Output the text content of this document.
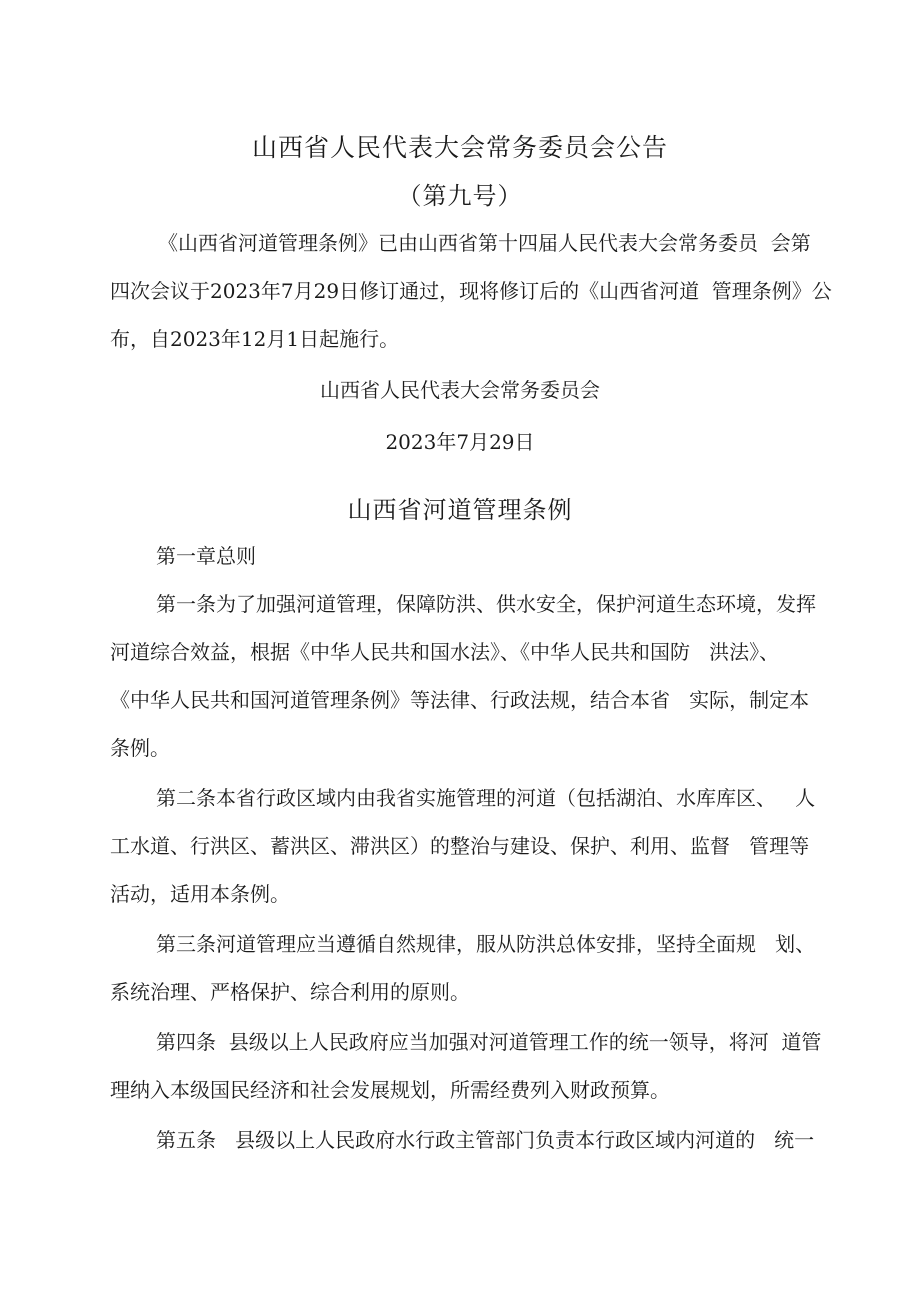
山西省人民代表大会常务委员会公告
（第九号）
《山西省河道管理条例》已由山西省第十四届人民代表大会常务委员  会第
四次会议于2023年7月29日修订通过，现将修订后的《山西省河道  管理条例》公
布，自2023年12月1日起施行。
山西省人民代表大会常务委员会
2023年7月29日
山西省河道管理条例
第一章总则
第一条为了加强河道管理，保障防洪、供水安全，保护河道生态环境，发挥
河道综合效益，根据《中华人民共和国水法》、《中华人民共和国防   洪法》、
《中华人民共和国河道管理条例》等法律、行政法规，结合本省   实际，制定本
条例。
第二条本省行政区域内由我省实施管理的河道（包括湖泊、水库库区、   人
工水道、行洪区、蓄洪区、滞洪区）的整治与建设、保护、利用、监督   管理等
活动，适用本条例。
第三条河道管理应当遵循自然规律，服从防洪总体安排，坚持全面规   划、
系统治理、严格保护、综合利用的原则。
第四条  县级以上人民政府应当加强对河道管理工作的统一领导，将河  道管
理纳入本级国民经济和社会发展规划，所需经费列入财政预算。
第五条   县级以上人民政府水行政主管部门负责本行政区域内河道的   统一
